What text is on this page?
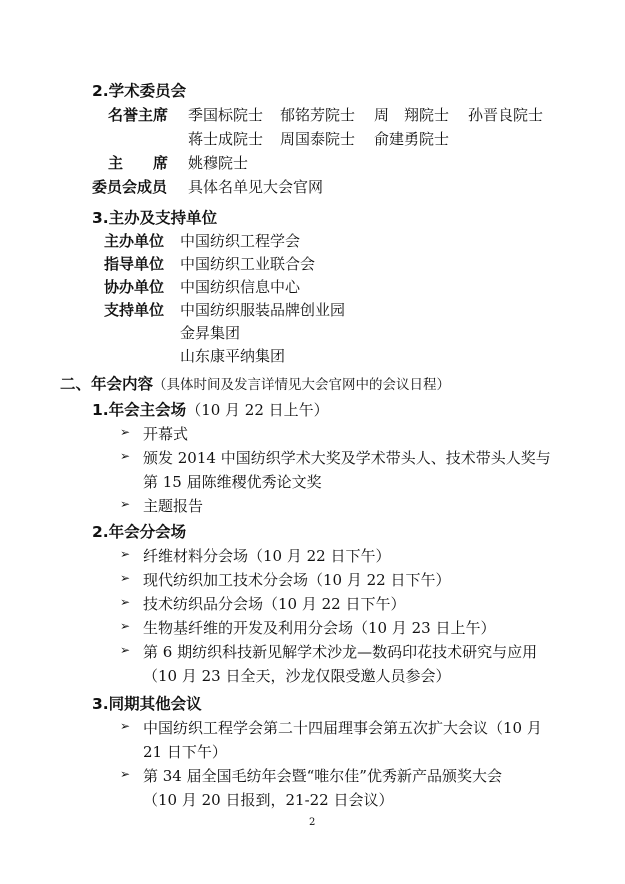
2.学术委员会
名誉主席 季国标院士 郁铭芳院士 周　翔院士 孙晋良院士
蒋士成院士 周国泰院士 俞建勇院士
主　　席 姚穆院士
委员会成员 具体名单见大会官网
3.主办及支持单位
主办单位 中国纺织工程学会
指导单位 中国纺织工业联合会
协办单位 中国纺织信息中心
支持单位 中国纺织服装品牌创业园
金昇集团
山东康平纳集团
二、年会内容（具体时间及发言详情见大会官网中的会议日程）
1.年会主会场（10 月 22 日上午）
➢ 开幕式
➢ 颁发 2014 中国纺织学术大奖及学术带头人、技术带头人奖与
第 15 届陈维稷优秀论文奖
➢ 主题报告
2.年会分会场
➢ 纤维材料分会场（10 月 22 日下午）
➢ 现代纺织加工技术分会场（10 月 22 日下午）
➢ 技术纺织品分会场（10 月 22 日下午）
➢ 生物基纤维的开发及利用分会场（10 月 23 日上午）
➢ 第 6 期纺织科技新见解学术沙龙—数码印花技术研究与应用
（10 月 23 日全天，沙龙仅限受邀人员参会）
3.同期其他会议
➢ 中国纺织工程学会第二十四届理事会第五次扩大会议（10 月
21 日下午）
➢ 第 34 届全国毛纺年会暨“唯尔佳”优秀新产品颁奖大会
（10 月 20 日报到，21-22 日会议）
2
